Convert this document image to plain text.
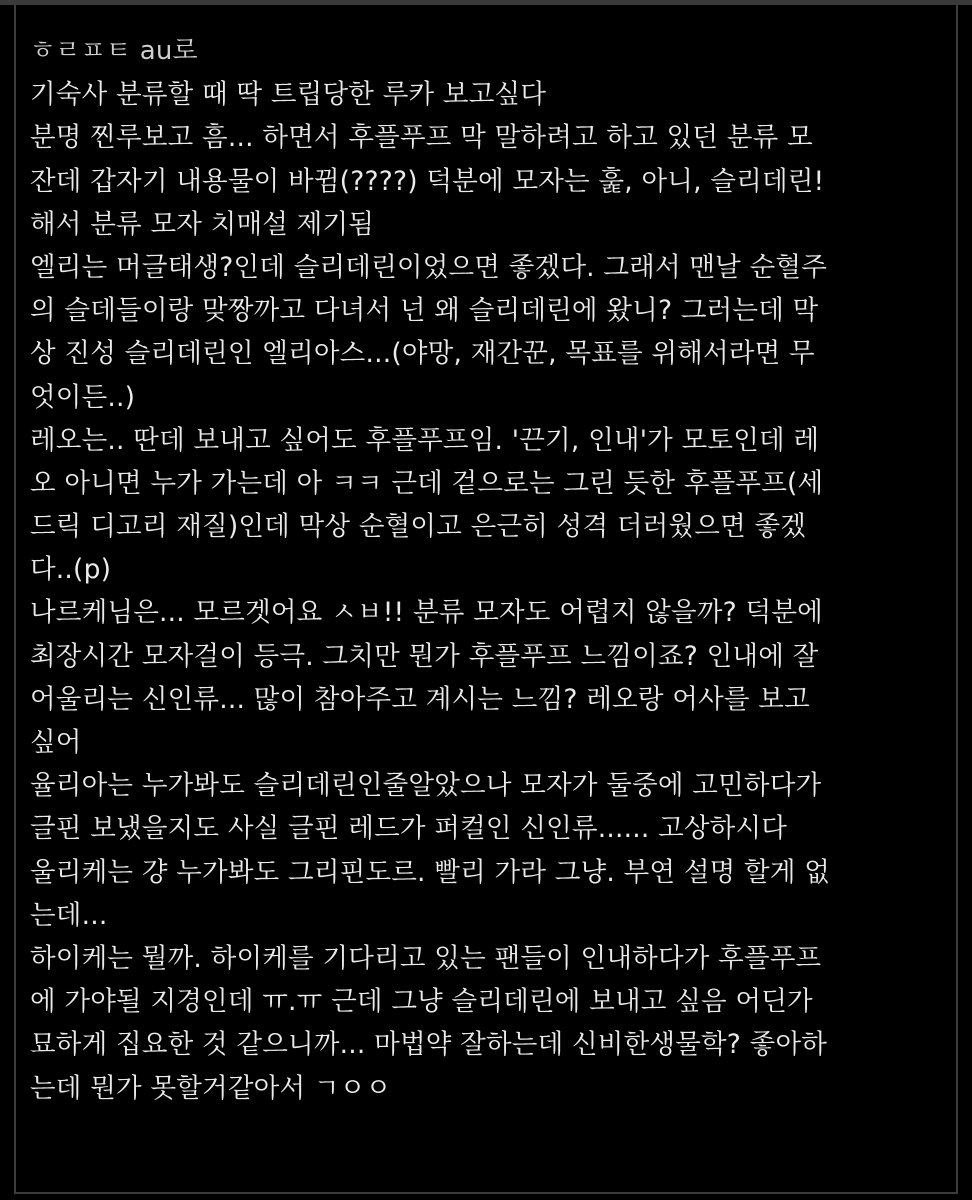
ㅎㄹㅍㅌ au로
기숙사 분류할 때 딱 트립당한 루카 보고싶다
분명 찐루보고 흠... 하면서 후플푸프 막 말하려고 하고 있던 분류 모
잔데 갑자기 내용물이 바뀜(????) 덕분에 모자는 훑, 아니, 슬리데린!
해서 분류 모자 치매설 제기됨
엘리는 머글태생?인데 슬리데린이었으면 좋겠다. 그래서 맨날 순혈주
의 슬데들이랑 맞짱까고 다녀서 넌 왜 슬리데린에 왔니? 그러는데 막
상 진성 슬리데린인 엘리아스...(야망, 재간꾼, 목표를 위해서라면 무
엇이든..)
레오는.. 딴데 보내고 싶어도 후플푸프임. '끈기, 인내'가 모토인데 레
오 아니면 누가 가는데 아 ㅋㅋ 근데 겉으로는 그린 듯한 후플푸프(세
드릭 디고리 재질)인데 막상 순혈이고 은근히 성격 더러웠으면 좋겠
다..(p)
나르케님은... 모르겟어요 ㅅㅂ!! 분류 모자도 어렵지 않을까? 덕분에
최장시간 모자걸이 등극. 그치만 뭔가 후플푸프 느낌이죠? 인내에 잘
어울리는 신인류... 많이 참아주고 계시는 느낌? 레오랑 어사를 보고
싶어
율리아는 누가봐도 슬리데린인줄알았으나 모자가 둘중에 고민하다가
글핀 보냈을지도 사실 글핀 레드가 퍼컬인 신인류...... 고상하시다
울리케는 걍 누가봐도 그리핀도르. 빨리 가라 그냥. 부연 설명 할게 없
는데...
하이케는 뭘까. 하이케를 기다리고 있는 팬들이 인내하다가 후플푸프
에 가야될 지경인데 ㅠ.ㅠ 근데 그냥 슬리데린에 보내고 싶음 어딘가
묘하게 집요한 것 같으니까... 마법약 잘하는데 신비한생물학? 좋아하
는데 뭔가 못할거같아서 ㄱㅇㅇ
